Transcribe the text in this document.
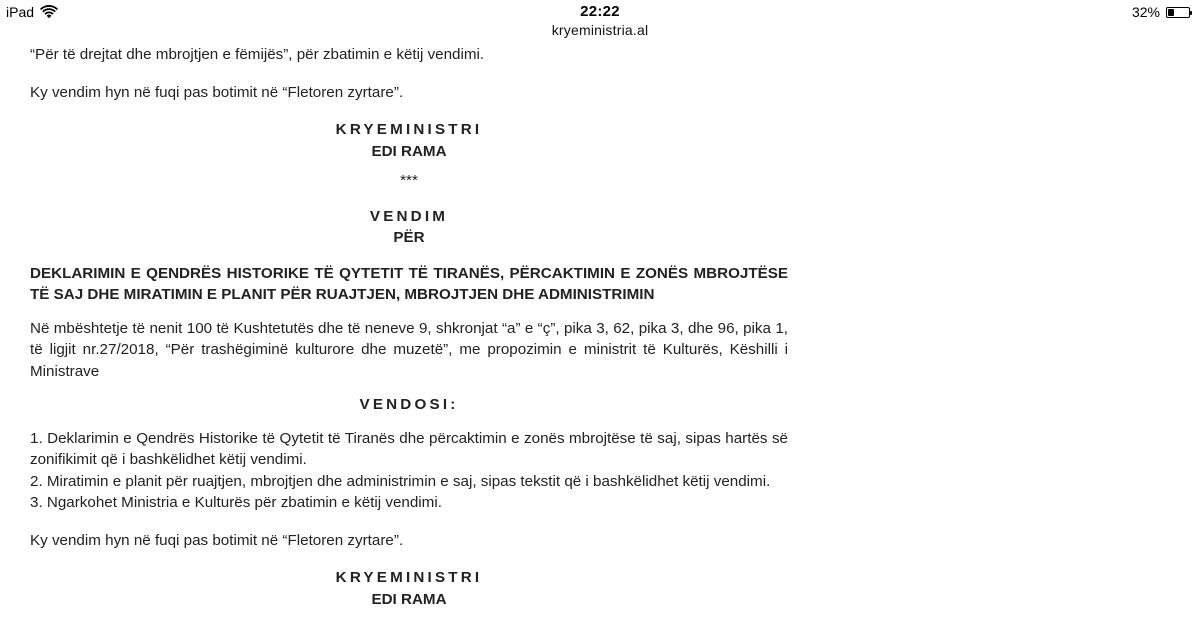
iPad	22:22	32%
kryeministria.al

“Për të drejtat dhe mbrojtjen e fëmijës”, për zbatimin e këtij vendimi.

Ky vendim hyn në fuqi pas botimit në “Fletoren zyrtare”.

KRYEMINISTRI

EDI RAMA

***

VENDIM

PËR

DEKLARIMIN E QENDRËS HISTORIKE TË QYTETIT TË TIRANËS, PËRCAKTIMIN E ZONËS MBROJTËSE TË SAJ DHE MIRATIMIN E PLANIT PËR RUAJTJEN, MBROJTJEN DHE ADMINISTRIMIN

Në mbështetje të nenit 100 të Kushtetutës dhe të neneve 9, shkronjat “a” e “ç”, pika 3, 62, pika 3, dhe 96, pika 1, të ligjit nr.27/2018, “Për trashëgiminë kulturore dhe muzetë”, me propozimin e ministrit të Kulturës, Këshilli i Ministrave

VENDOSI:

1. Deklarimin e Qendrës Historike të Qytetit të Tiranës dhe përcaktimin e zonës mbrojtëse të saj, sipas hartës së zonifikimit që i bashkëlidhet këtij vendimi.

2. Miratimin e planit për ruajtjen, mbrojtjen dhe administrimin e saj, sipas tekstit që i bashkëlidhet këtij vendimi.

3. Ngarkohet Ministria e Kulturës për zbatimin e këtij vendimi.

Ky vendim hyn në fuqi pas botimit në “Fletoren zyrtare”.

KRYEMINISTRI

EDI RAMA
